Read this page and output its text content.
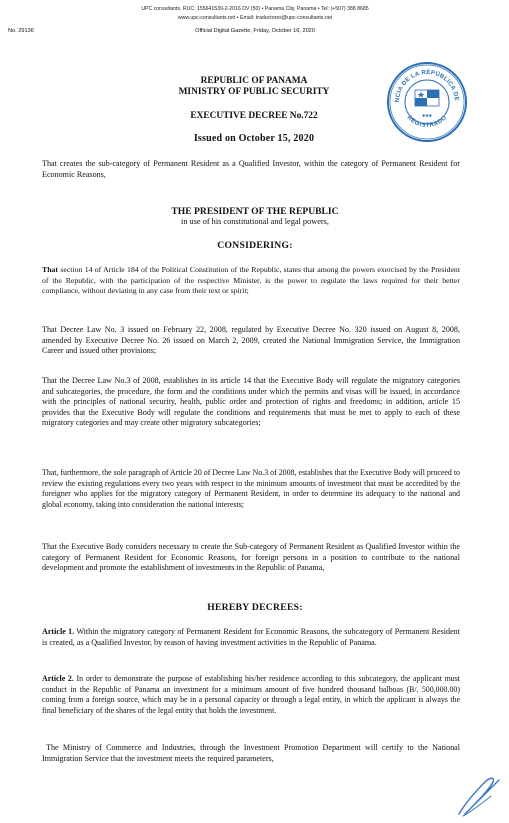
UPC consultants, RUC: 155641539-2-2016 DV (50) • Panama City, Panama • Tel: (+507) 388 8685
www.upc-consultants.net • Email: traductores@upc-consultants.net
No. 29136	Official Digital Gazette, Friday, October 16, 2020
NCIA DE LA REPÚBLICA DE
REGISTRADO
✱✱✱
REPUBLIC OF PANAMA
MINISTRY OF PUBLIC SECURITY
EXECUTIVE DECREE No.722
Issued on October 15, 2020
That creates the sub-category of Permanent Resident as a Qualified Investor, within the category of Permanent Resident for Economic Reasons,
THE PRESIDENT OF THE REPUBLIC
in use of his constitutional and legal powers,
CONSIDERING:
That section 14 of Article 184 of the Political Constitution of the Republic, states that among the powers exercised by the President of the Republic, with the participation of the respective Minister, is the power to regulate the laws required for their better compliance, without deviating in any case from their text or spirit;
That Decree Law No. 3 issued on February 22, 2008, regulated by Executive Decree No. 320 issued on August 8, 2008, amended by Executive Decree No. 26 issued on March 2, 2009, created the National Immigration Service, the Immigration Career and issued other provisions;
That the Decree Law No.3 of 2008, establishes in its article 14 that the Executive Body will regulate the migratory categories and subcategories, the procedure, the form and the conditions under which the permits and visas will be issued, in accordance with the principles of national security, health, public order and protection of rights and freedoms; in addition, article 15 provides that the Executive Body will regulate the conditions and requirements that must be met to apply to each of these migratory categories and may create other migratory subcategories;
That, furthermore, the sole paragraph of Article 20 of Decree Law No.3 of 2008, establishes that the Executive Body will proceed to review the existing regulations every two years with respect to the minimum amounts of investment that must be accredited by the foreigner who applies for the migratory category of Permanent Resident, in order to determine its adequacy to the national and global economy, taking into consideration the national interests;
That the Executive Body considers necessary to create the Sub-category of Permanent Resident as Qualified Investor within the category of Permanent Resident for Economic Reasons, for foreign persons in a position to contribute to the national development and promote the establishment of investments in the Republic of Panama,
HEREBY DECREES:
Article 1. Within the migratory category of Permanent Resident for Economic Reasons, the subcategory of Permanent Resident is created, as a Qualified Investor, by reason of having investment activities in the Republic of Panama.
Article 2. In order to demonstrate the purpose of establishing his/her residence according to this subcategory, the applicant must conduct in the Republic of Panama an investment for a minimum amount of five hundred thousand balboas (B/. 500,000.00) coming from a foreign source, which may be in a personal capacity or through a legal entity, in which the applicant is always the final beneficiary of the shares of the legal entity that holds the investment.
The Ministry of Commerce and Industries, through the Investment Promotion Department will certify to the National Immigration Service that the investment meets the required parameters,
